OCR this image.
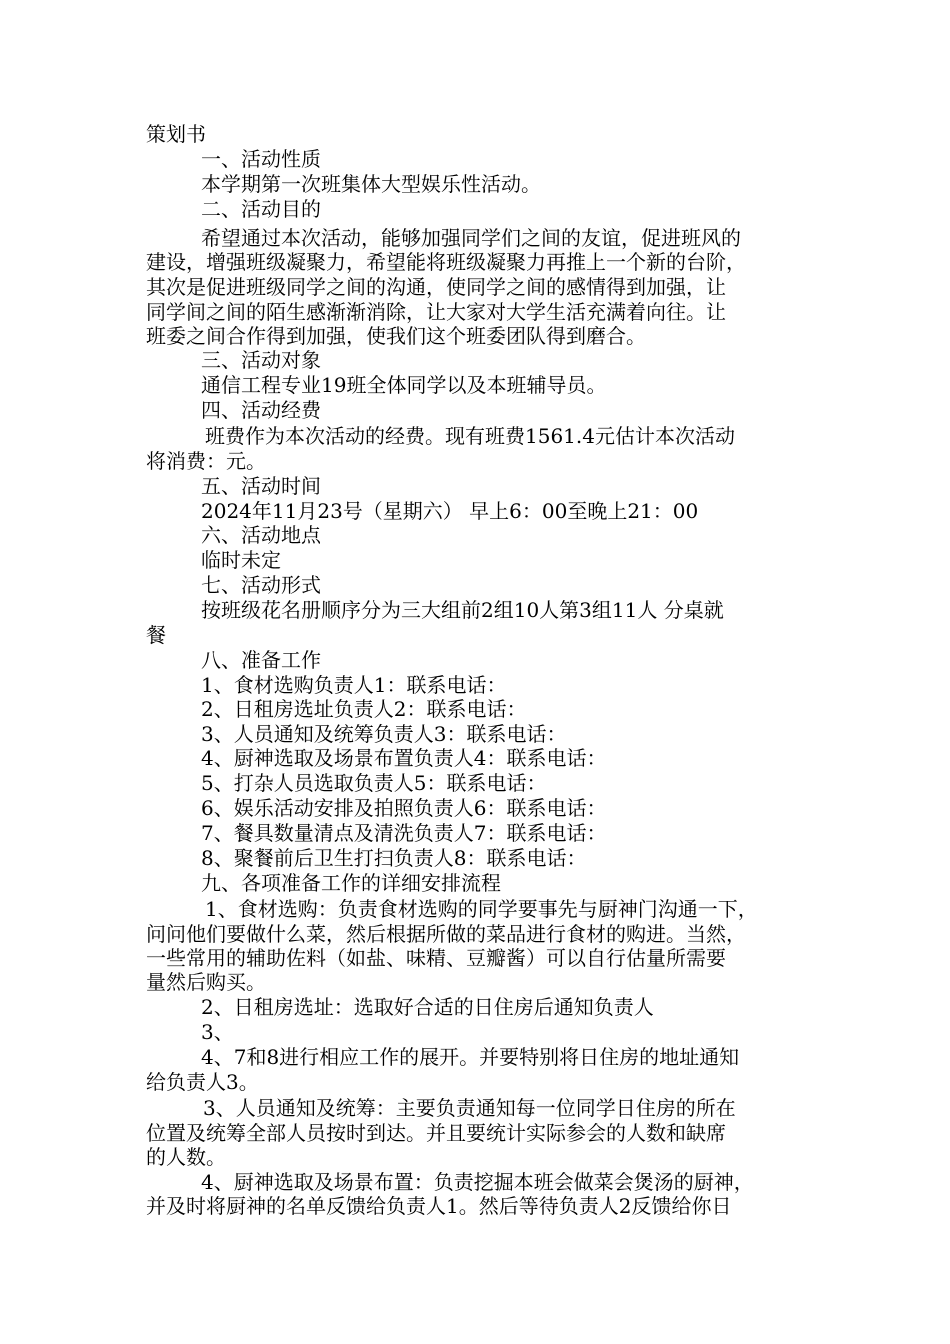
策划书
一、活动性质
本学期第一次班集体大型娱乐性活动。
二、活动目的
希望通过本次活动，能够加强同学们之间的友谊，促进班风的
建设，增强班级凝聚力，希望能将班级凝聚力再推上一个新的台阶，
其次是促进班级同学之间的沟通，使同学之间的感情得到加强，让
同学间之间的陌生感渐渐消除，让大家对大学生活充满着向往。让
班委之间合作得到加强，使我们这个班委团队得到磨合。
三、活动对象
通信工程专业19班全体同学以及本班辅导员。
四、活动经费
班费作为本次活动的经费。现有班费1561.4元估计本次活动
将消费：元。
五、活动时间
2024年11月23号（星期六） 早上6：00至晚上21：00
六、活动地点
临时未定
七、活动形式
按班级花名册顺序分为三大组前2组10人第3组11人 分桌就
餐
八、准备工作
1、食材选购负责人1：联系电话：
2、日租房选址负责人2：联系电话：
3、人员通知及统筹负责人3：联系电话：
4、厨神选取及场景布置负责人4：联系电话：
5、打杂人员选取负责人5：联系电话：
6、娱乐活动安排及拍照负责人6：联系电话：
7、餐具数量清点及清洗负责人7：联系电话：
8、聚餐前后卫生打扫负责人8：联系电话：
九、各项准备工作的详细安排流程
1、食材选购：负责食材选购的同学要事先与厨神门沟通一下，
问问他们要做什么菜，然后根据所做的菜品进行食材的购进。当然，
一些常用的辅助佐料（如盐、味精、豆瓣酱）可以自行估量所需要
量然后购买。
2、日租房选址：选取好合适的日住房后通知负责人
3、
4、7和8进行相应工作的展开。并要特别将日住房的地址通知
给负责人3。
3、人员通知及统筹：主要负责通知每一位同学日住房的所在
位置及统筹全部人员按时到达。并且要统计实际参会的人数和缺席
的人数。
4、厨神选取及场景布置：负责挖掘本班会做菜会煲汤的厨神，
并及时将厨神的名单反馈给负责人1。然后等待负责人2反馈给你日
